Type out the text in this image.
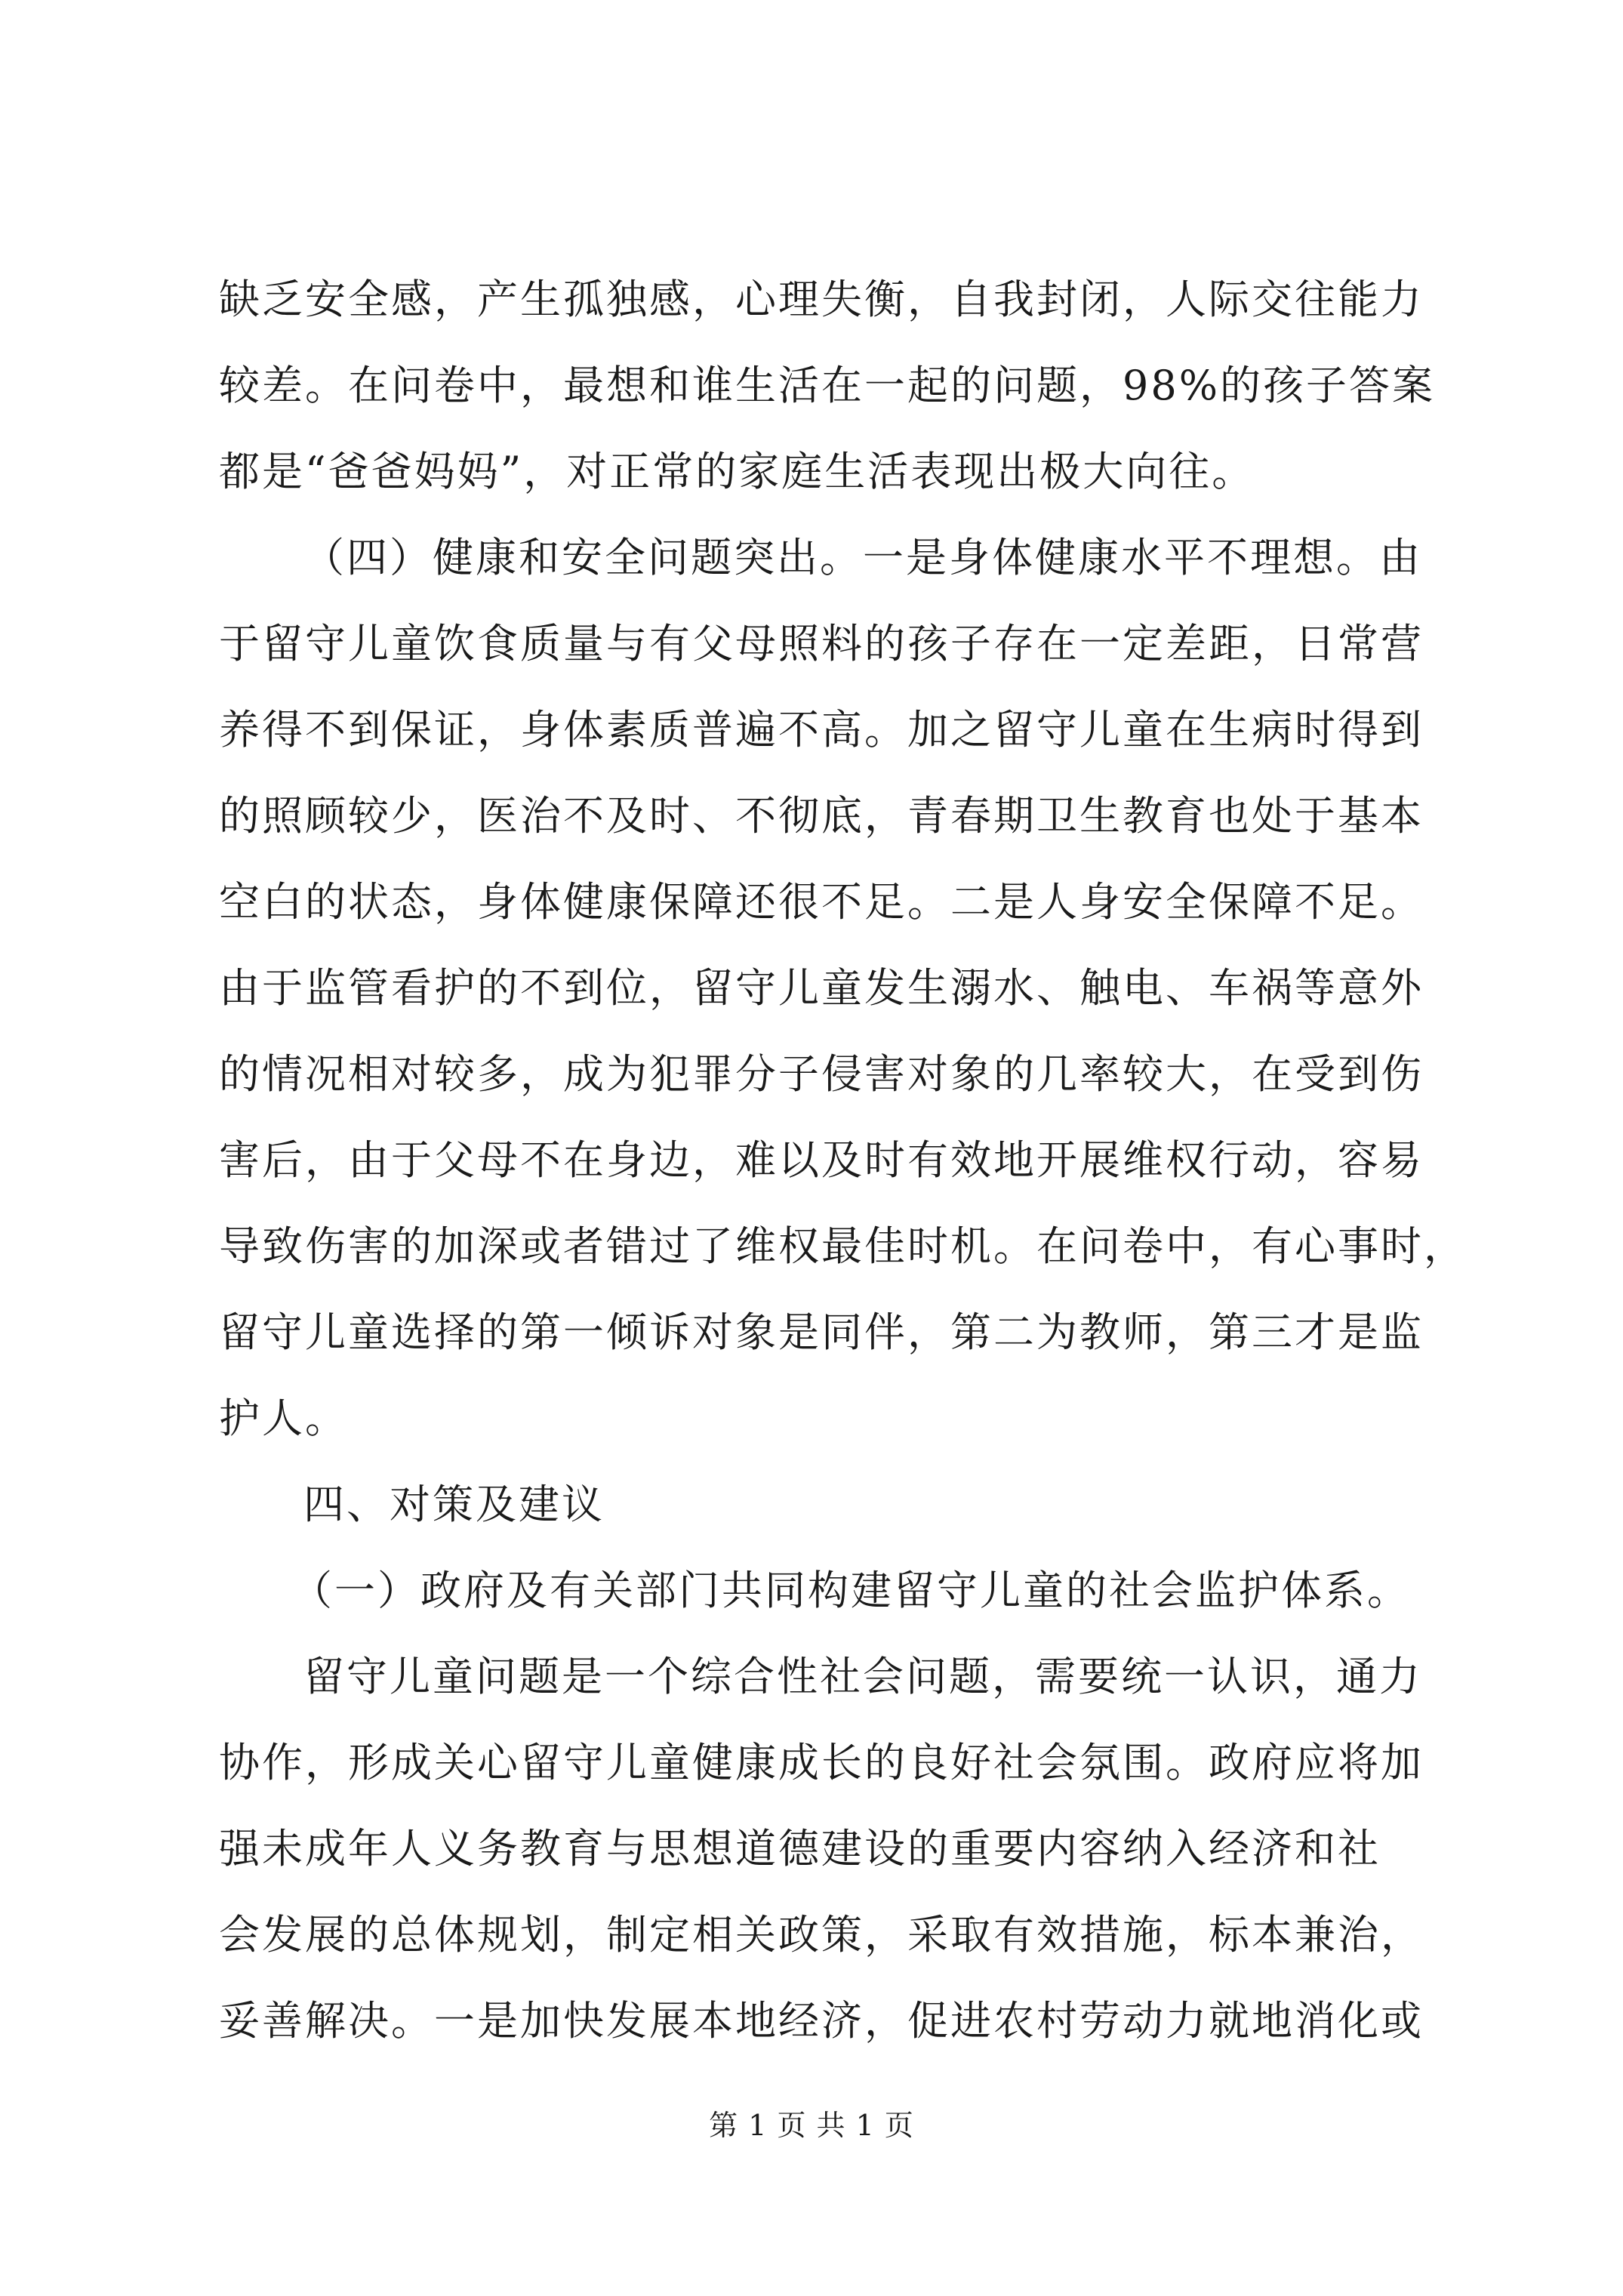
缺乏安全感，产生孤独感，心理失衡，自我封闭，人际交往能力
较差。在问卷中，最想和谁生活在一起的问题，98%的孩子答案
都是“爸爸妈妈”，对正常的家庭生活表现出极大向往。
（四）健康和安全问题突出。一是身体健康水平不理想。由
于留守儿童饮食质量与有父母照料的孩子存在一定差距，日常营
养得不到保证，身体素质普遍不高。加之留守儿童在生病时得到
的照顾较少，医治不及时、不彻底，青春期卫生教育也处于基本
空白的状态，身体健康保障还很不足。二是人身安全保障不足。
由于监管看护的不到位，留守儿童发生溺水、触电、车祸等意外
的情况相对较多，成为犯罪分子侵害对象的几率较大，在受到伤
害后，由于父母不在身边，难以及时有效地开展维权行动，容易
导致伤害的加深或者错过了维权最佳时机。在问卷中，有心事时，
留守儿童选择的第一倾诉对象是同伴，第二为教师，第三才是监
护人。
四、对策及建议
（一）政府及有关部门共同构建留守儿童的社会监护体系。
留守儿童问题是一个综合性社会问题，需要统一认识，通力
协作，形成关心留守儿童健康成长的良好社会氛围。政府应将加
强未成年人义务教育与思想道德建设的重要内容纳入经济和社
会发展的总体规划，制定相关政策，采取有效措施，标本兼治，
妥善解决。一是加快发展本地经济，促进农村劳动力就地消化或
第 1 页 共 1 页
